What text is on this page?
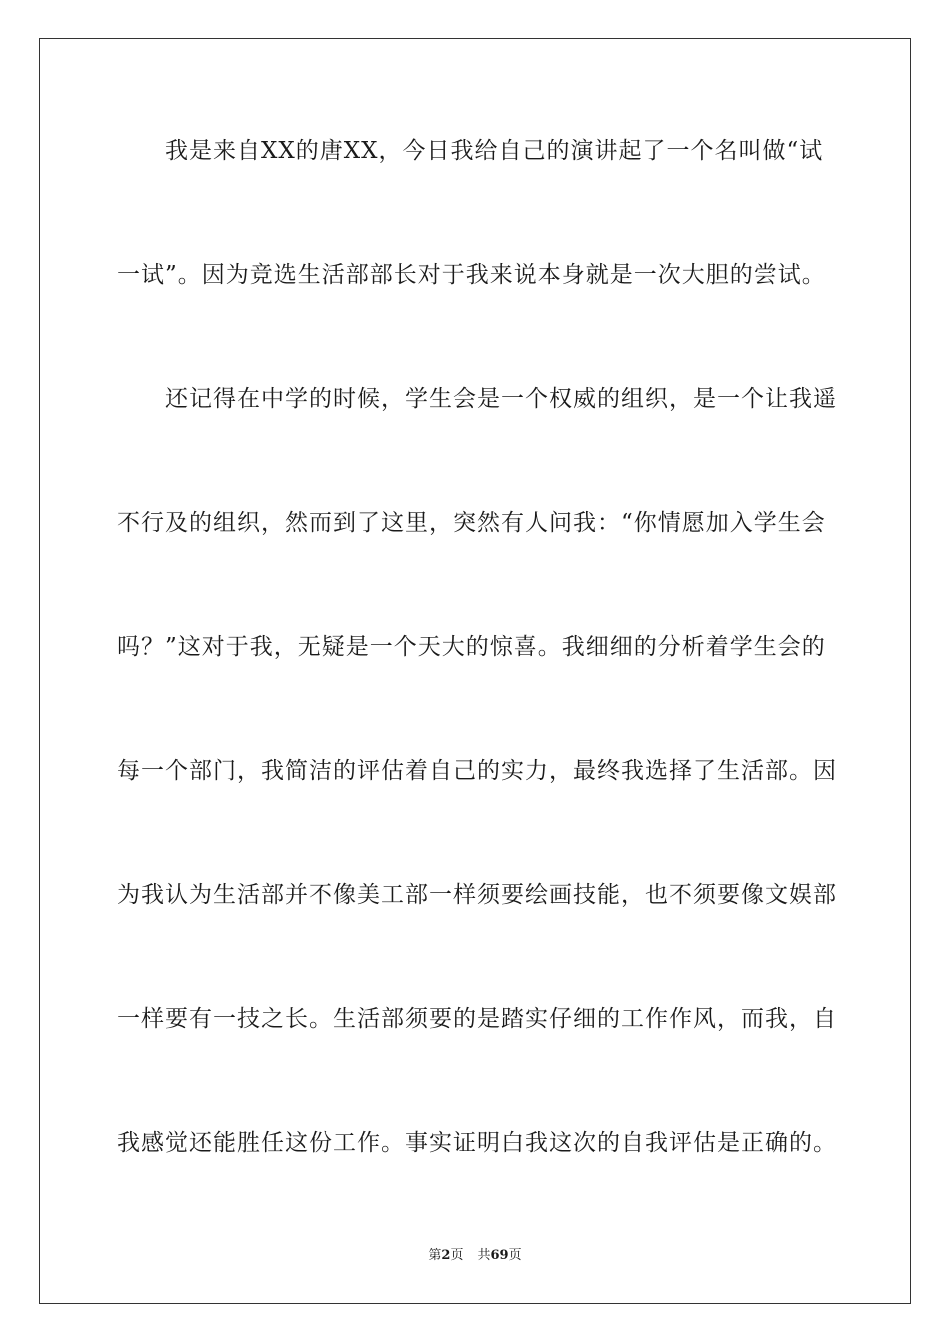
　　我是来自XX的唐XX，今日我给自己的演讲起了一个名叫做“试
一试”。因为竞选生活部部长对于我来说本身就是一次大胆的尝试。
　　还记得在中学的时候，学生会是一个权威的组织，是一个让我遥
不行及的组织，然而到了这里，突然有人问我：“你情愿加入学生会
吗？”这对于我，无疑是一个天大的惊喜。我细细的分析着学生会的
每一个部门，我简洁的评估着自己的实力，最终我选择了生活部。因
为我认为生活部并不像美工部一样须要绘画技能，也不须要像文娱部
一样要有一技之长。生活部须要的是踏实仔细的工作作风，而我，自
我感觉还能胜任这份工作。事实证明白我这次的自我评估是正确的。
第2页 共69页
